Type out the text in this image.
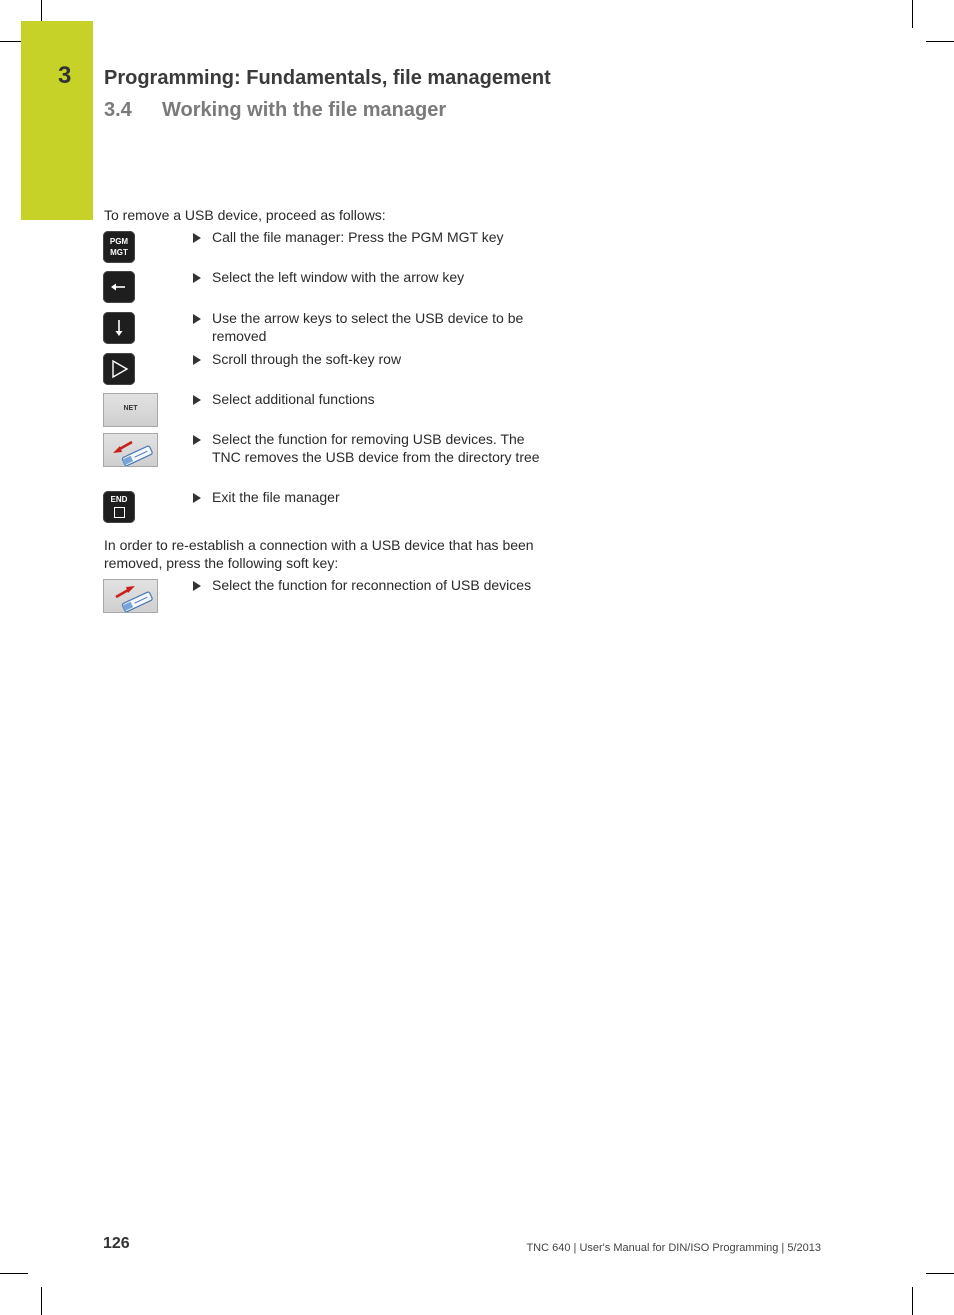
3 Programming: Fundamentals, file management
3.4 Working with the file manager
To remove a USB device, proceed as follows:
PGM
MGT
Call the file manager: Press the PGM MGT key
Select the left window with the arrow key
Use the arrow keys to select the USB device to be removed
Scroll through the soft-key row
NET
Select additional functions
Select the function for removing USB devices. The TNC removes the USB device from the directory tree
END	Exit the file manager
In order to re-establish a connection with a USB device that has been removed, press the following soft key:
Select the function for reconnection of USB devices
126	TNC 640 | User's Manual for DIN/ISO Programming | 5/2013
